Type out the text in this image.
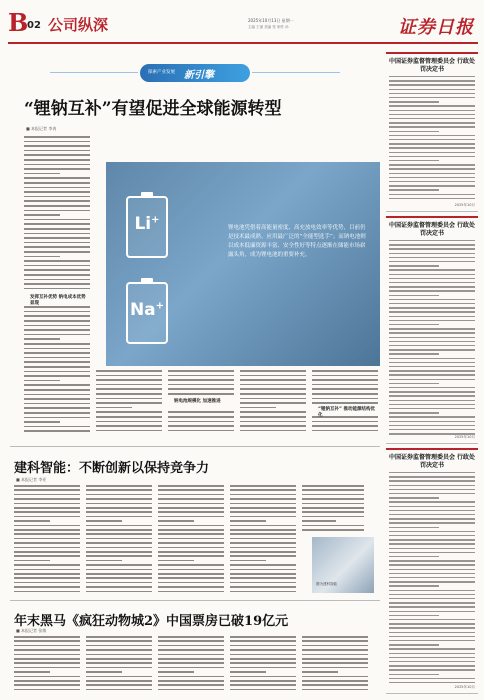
B
02 公司纵深	2025年10月13日 星期一
主编 王丽 美编 张 制作 孙	证券日报
探索产业发展 新引擎
“锂钠互补”有望促进全球能源转型
■ 本报记者 李冉
Li+
Na+
锂电池凭借着高能量密度、高充放电效率等优势，目前仍是技术最成熟、应用最广泛的“全能型选手”；而钠电池则以成本低廉资源丰富、安全性好等特点逐渐在储能市场崭露头角，成为锂电池的重要补充。
发挥互补优势 钠电成本优势显现
钠电池规模化 加速推进
“锂钠互补” 推动能源结构优化
建科智能：不断创新以保持竞争力
■ 本报记者 李亚
图为建科智能
年末黑马《疯狂动物城2》中国票房已破19亿元
■ 本报记者 张敏
中国证券监督管理委员会 行政处罚决定书
2025年10月
中国证券监督管理委员会 行政处罚决定书
2025年10月
中国证券监督管理委员会 行政处罚决定书
2025年10月
